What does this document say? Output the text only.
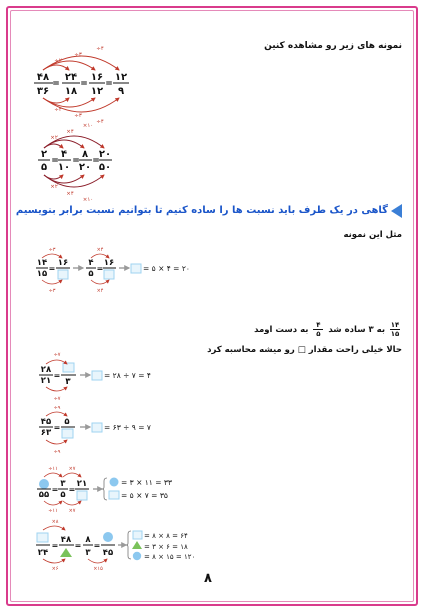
نمونه های زیر رو مشاهده کنین
۴۸
۳۶
=
۲۴
۱۸
=
۱۶
۱۲
=
۱۲
۹
÷۲
÷۳
÷۴
÷۲
÷۳
÷۴
۲
۵
=
۴
۱۰
=
۸
۲۰
=
۲۰
۵۰
×۲
×۴
×۱۰
×۲
×۴
×۱۰
۱۴
۱۵
=
۱۶ ۴
۵
=
۱۶
= ۵ × ۴ = ۲۰
÷۳
÷۳
×۴
×۴
۲۸
۲۱
=
۳
= ۲۸ ÷ ۷ = ۴
÷۷
÷۷
۴۵
۶۳
=
۵
= ۶۳ ÷ ۹ = ۷
÷۹
÷۹
۵۵
=
۳
۵
=
۲۱	= ۳ × ۱۱ = ۳۳
= ۵ × ۷ = ۳۵
÷۱۱
÷۱۱
×۷
×۷
۲۴
=
۴۸
=
۸
۳
=
۴۵
= ۸ × ۸ = ۶۴
= ۳ × ۶ = ۱۸
= ۸ × ۱۵ = ۱۲۰
×۸
×۶	×۱۵
گاهی در یک طرف باید نسبت ها را ساده کنیم تا بتوانیم نسبت برابر بنویسیم
مثل این نمونه
$\frac{۱۴}{۱۵}$
به ۳ ساده شد
$\frac{۴}{۵}$
به دست اومد
حالا خیلی راحت مقدار □ رو میشه محاسبه کرد
۸
